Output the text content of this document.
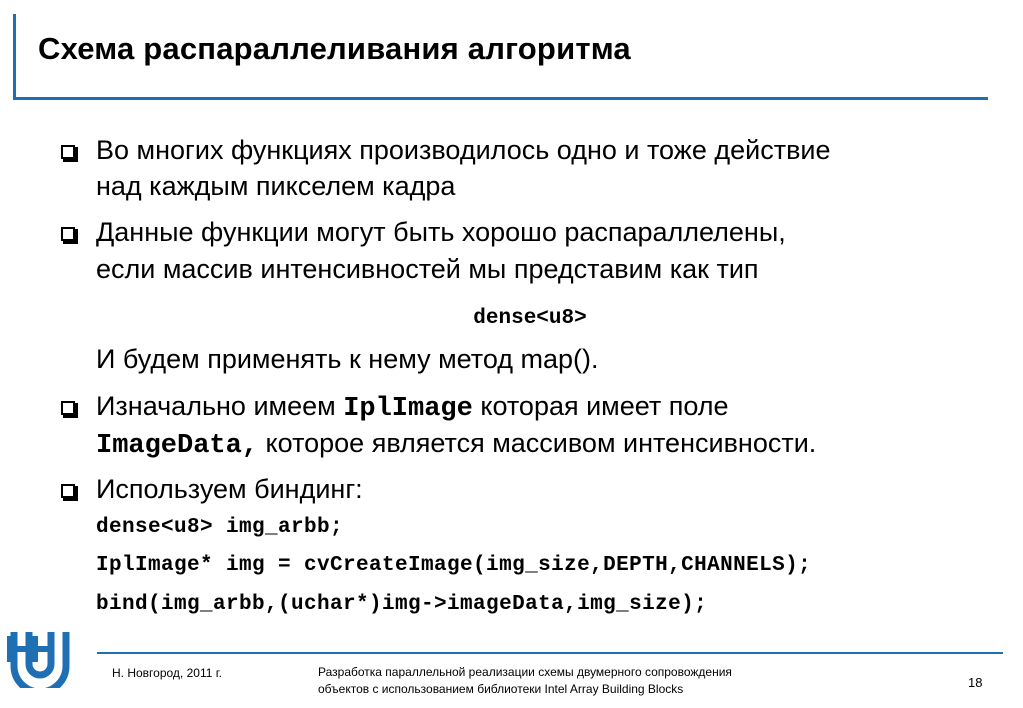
Схема распараллеливания алгоритма
Во многих функциях производилось одно и тоже действие
над каждым пикселем кадра
Данные функции могут быть хорошо распараллелены,
если массив интенсивностей мы представим как тип
dense<u8>
И будем применять к нему метод map().
Изначально имеем IplImage которая имеет поле
ImageData, которое является массивом интенсивности.
Используем биндинг:
dense<u8> img_arbb;
IplImage* img = cvCreateImage(img_size,DEPTH,CHANNELS);
bind(img_arbb,(uchar*)img->imageData,img_size);
Н. Новгород, 2011 г.	Разработка параллельной реализации схемы двумерного сопровождения
объектов с использованием библиотеки Intel Array Building Blocks	18
